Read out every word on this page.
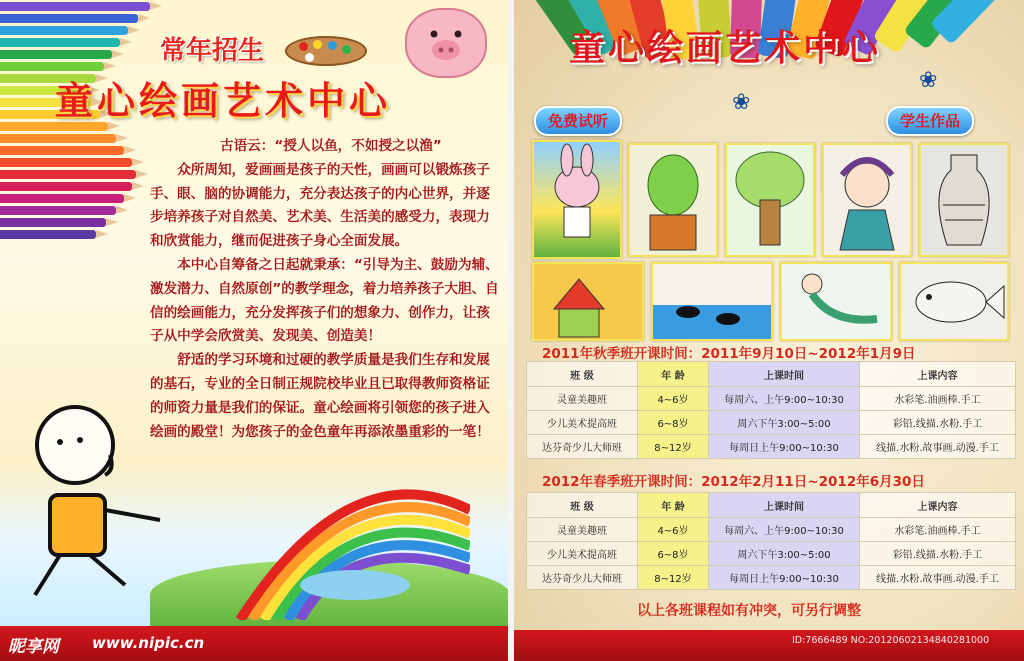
常年招生
童心绘画艺术中心

古语云：“授人以鱼，不如授之以渔”

众所周知，爱画画是孩子的天性，画画可以锻炼孩子手、眼、脑的协调能力，充分表达孩子的内心世界，并逐步培养孩子对自然美、艺术美、生活美的感受力，表现力和欣赏能力，继而促进孩子身心全面发展。

本中心自筹备之日起就秉承：“引导为主、鼓励为辅、激发潜力、自然原创”的教学理念，着力培养孩子大胆、自信的绘画能力，充分发挥孩子们的想象力、创作力，让孩子从中学会欣赏美、发现美、创造美！

舒适的学习环境和过硬的教学质量是我们生存和发展的基石，专业的全日制正规院校毕业且已取得教师资格证的师资力量是我们的保证。童心绘画将引领您的孩子进入绘画的殿堂！为您孩子的金色童年再添浓墨重彩的一笔！

昵享网 www.nipic.cn
童心绘画艺术中心
❀
❀
免费试听	学生作品
2011年秋季班开课时间：2011年9月10日~2012年1月9日
班 级	年 龄	上课时间	上课内容
灵童美趣班	4~6岁	每周六、上午9:00~10:30	水彩笔.油画棒.手工
少儿美术提高班	6~8岁	周六下午3:00~5:00	彩铅.线描.水粉.手工
达芬奇少儿大师班	8~12岁	每周日上午9:00~10:30	线描.水粉.故事画.动漫.手工
2012年春季班开课时间：2012年2月11日~2012年6月30日
班 级	年 龄	上课时间	上课内容
灵童美趣班	4~6岁	每周六、上午9:00~10:30	水彩笔.油画棒.手工
少儿美术提高班	6~8岁	周六下午3:00~5:00	彩铅.线描.水粉.手工
达芬奇少儿大师班	8~12岁	每周日上午9:00~10:30	线描.水粉.故事画.动漫.手工
以上各班课程如有冲突，可另行调整
ID:7666489 NO:20120602134840281000
